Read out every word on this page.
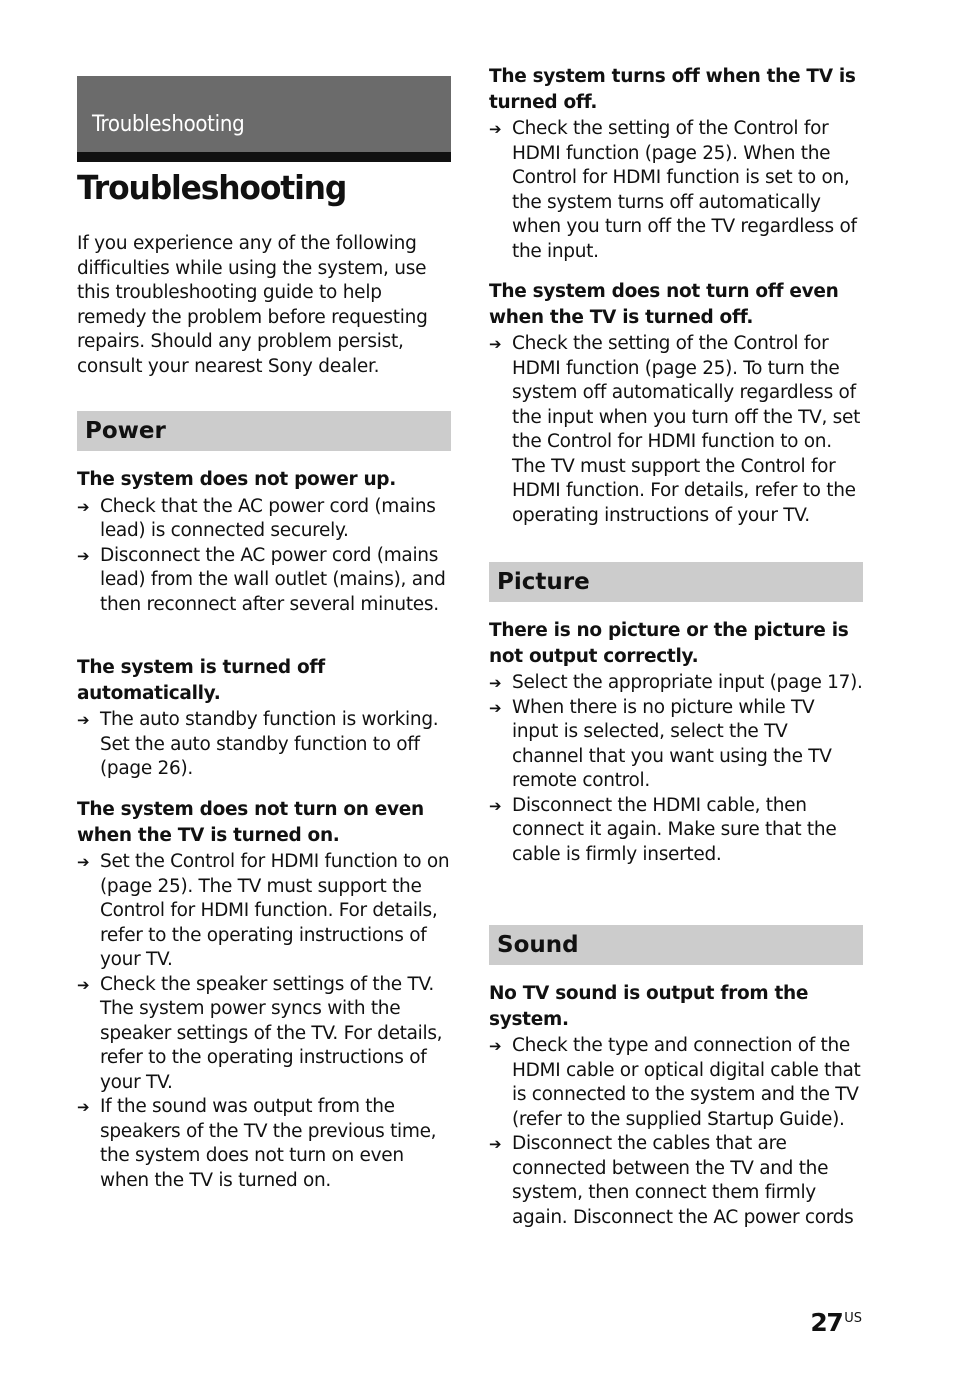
Troubleshooting
Troubleshooting

If you experience any of the following difficulties while using the system, use this troubleshooting guide to help remedy the problem before requesting repairs. Should any problem persist, consult your nearest Sony dealer.

Power

The system does not power up.

➔ Check that the AC power cord (mains lead) is connected securely.
➔ Disconnect the AC power cord (mains lead) from the wall outlet (mains), and then reconnect after several minutes.

The system is turned off automatically.

➔ The auto standby function is working. Set the auto standby function to off (page 26).

The system does not turn on even when the TV is turned on.

➔ Set the Control for HDMI function to on (page 25). The TV must support the Control for HDMI function. For details, refer to the operating instructions of your TV.
➔ Check the speaker settings of the TV. The system power syncs with the speaker settings of the TV. For details, refer to the operating instructions of your TV.
➔ If the sound was output from the speakers of the TV the previous time, the system does not turn on even when the TV is turned on.

The system turns off when the TV is turned off.

➔ Check the setting of the Control for HDMI function (page 25). When the Control for HDMI function is set to on, the system turns off automatically when you turn off the TV regardless of the input.

The system does not turn off even when the TV is turned off.

➔ Check the setting of the Control for HDMI function (page 25). To turn the system off automatically regardless of the input when you turn off the TV, set the Control for HDMI function to on. The TV must support the Control for HDMI function. For details, refer to the operating instructions of your TV.
Picture

There is no picture or the picture is not output correctly.

➔ Select the appropriate input (page 17).
➔ When there is no picture while TV input is selected, select the TV channel that you want using the TV remote control.
➔ Disconnect the HDMI cable, then connect it again. Make sure that the cable is firmly inserted.
Sound

No TV sound is output from the system.

➔ Check the type and connection of the HDMI cable or optical digital cable that is connected to the system and the TV (refer to the supplied Startup Guide).
➔ Disconnect the cables that are connected between the TV and the system, then connect them firmly again. Disconnect the AC power cords
27 $^{US}$
